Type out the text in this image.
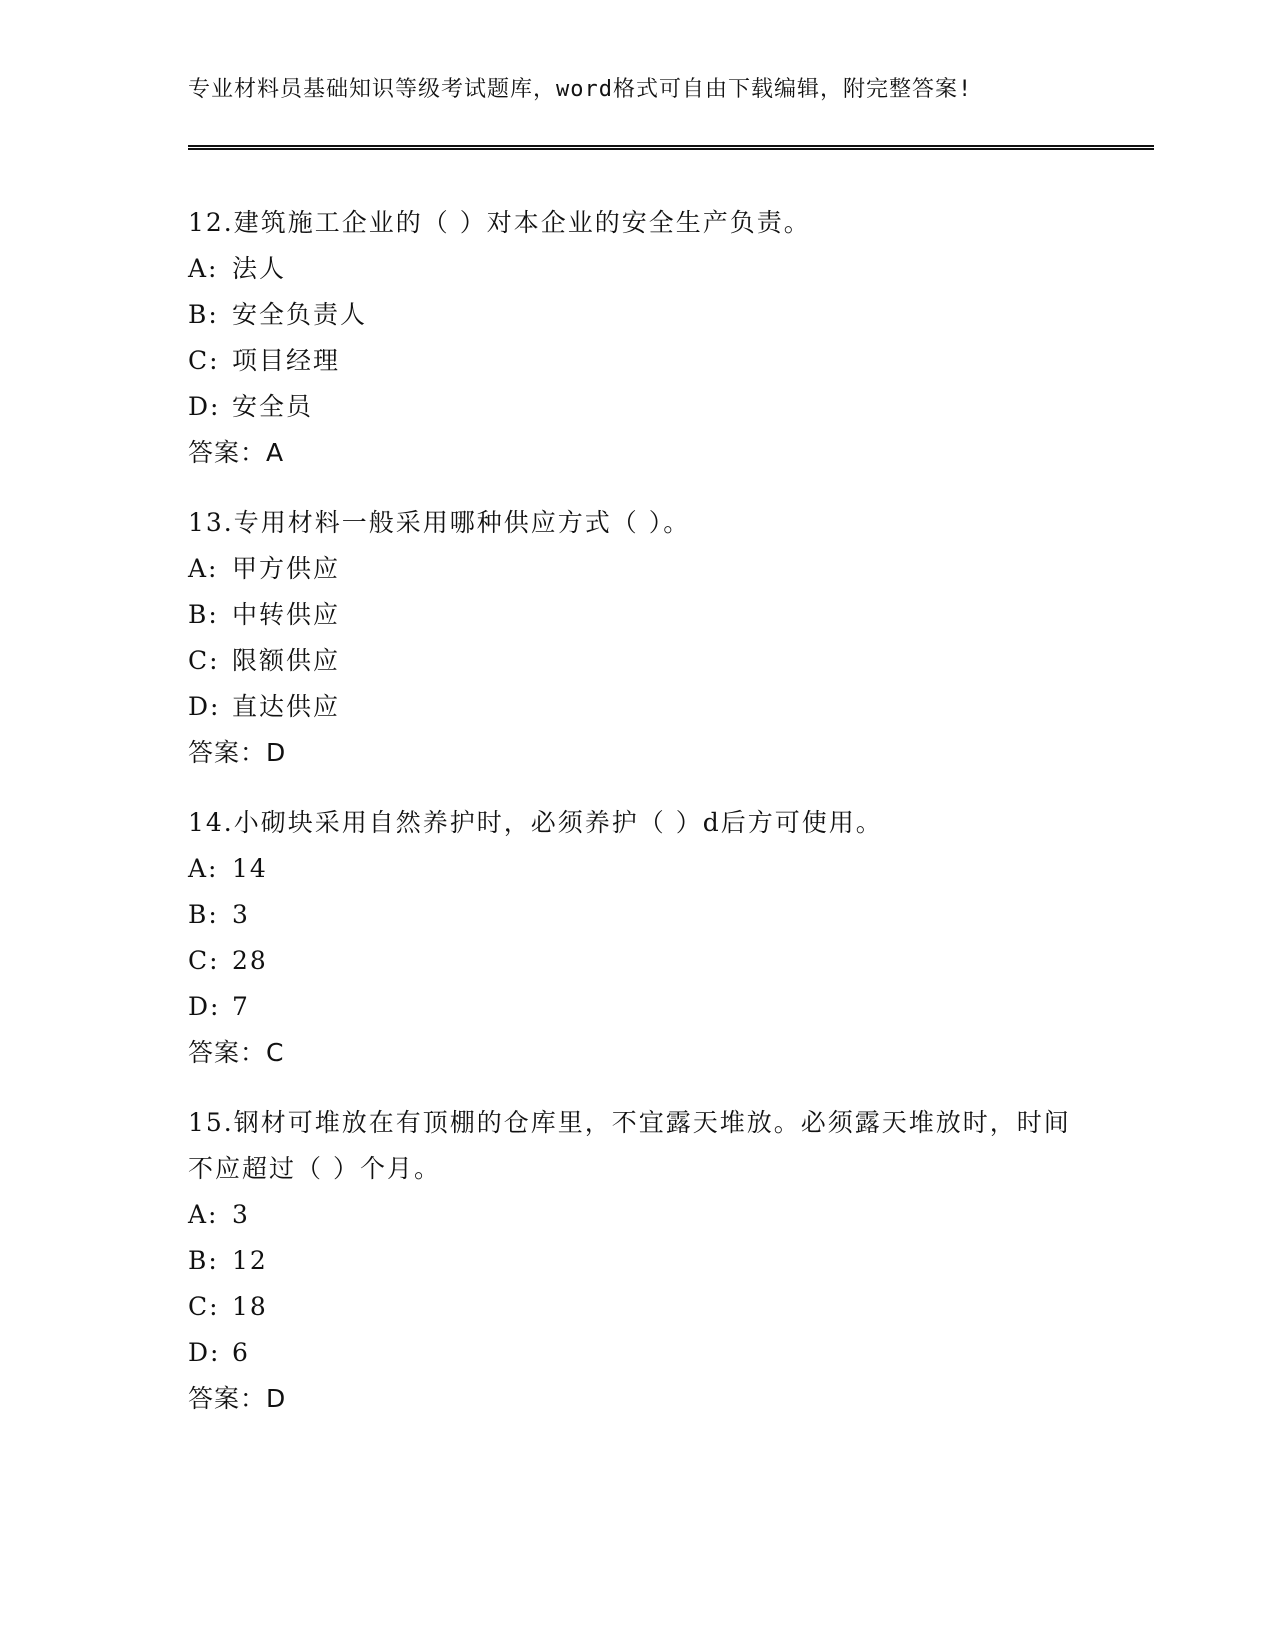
专业材料员基础知识等级考试题库，word格式可自由下载编辑，附完整答案!
12.建筑施工企业的（ ）对本企业的安全生产负责。
A: 法人
B: 安全负责人
C: 项目经理
D: 安全员
答案：A
13.专用材料一般采用哪种供应方式（ ）。
A: 甲方供应
B: 中转供应
C: 限额供应
D: 直达供应
答案：D
14.小砌块采用自然养护时，必须养护（ ）d后方可使用。
A: 14
B: 3
C: 28
D: 7
答案：C
15.钢材可堆放在有顶棚的仓库里，不宜露天堆放。必须露天堆放时，时间不应超过（ ）个月。
A: 3
B: 12
C: 18
D: 6
答案：D
